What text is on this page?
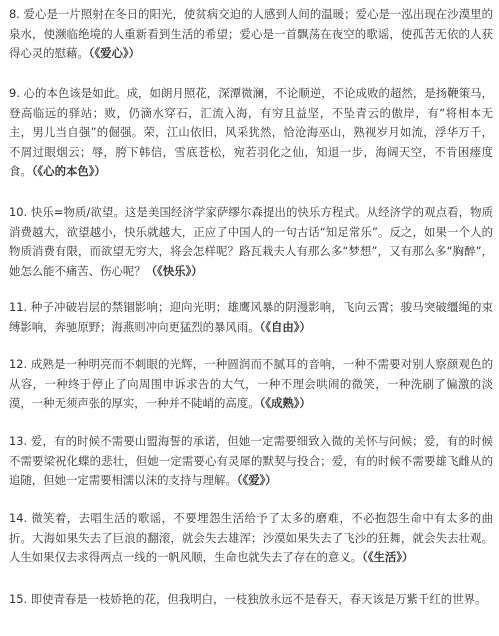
8. 爱心是一片照射在冬日的阳光，使贫病交迫的人感到人间的温暖；爱心是一泓出现在沙漠里的泉水，使濒临绝境的人重新看到生活的希望；爱心是一首飘荡在夜空的歌谣，使孤苦无依的人获得心灵的慰藉。（《爱心》）

9. 心的本色该是如此。成，如朗月照花，深潭微澜，不论顺逆，不论成败的超然，是扬鞭策马，登高临远的驿站；败，仍滴水穿石，汇流入海，有穷且益坚，不坠青云的傲岸，有“将相本无主，男儿当自强”的倔强。荣，江山依旧，风采犹然，恰沧海巫山，熟视岁月如流，浮华万千，不屑过眼烟云；辱，胯下韩信，雪底苍松，宛若羽化之仙，知退一步，海阔天空，不肯困瘗度食。（《心的本色》）

10. 快乐=物质/欲望。这是美国经济学家萨缪尔森提出的快乐方程式。从经济学的观点看，物质消费越大，欲望越小，快乐就越大，正应了中国人的一句古话“知足常乐”。反之，如果一个人的物质消费有限，而欲望无穷大，将会怎样呢？路瓦栽夫人有那么多“梦想”，又有那么多“胸醉”，她怎么能不痛苦、伤心呢？（《快乐》）

11. 种子冲破岩层的禁锢影响；迎向光明；雄鹰风暴的阴漫影响，飞向云霄；骏马突破缰绳的束缚影响，奔驰原野；海燕则冲向更猛烈的暴风雨。（《自由》）

12. 成熟是一种明亮而不刺眼的光辉，一种圆润而不腻耳的音响，一种不需要对别人察颜观色的从容，一种终于停止了向周围申诉求告的大气，一种不理会哄闹的微笑，一种洗刷了偏激的淡漠，一种无须声张的厚实，一种并不陡峭的高度。（《成熟》）

13. 爱，有的时候不需要山盟海誓的承诺，但她一定需要细致入微的关怀与问候；爱，有的时候不需要梁祝化蝶的悲壮，但她一定需要心有灵犀的默契与投合；爱，有的时候不需要雄飞雌从的追随，但她一定需要相濡以沫的支持与理解。（《爱》）

14. 微笑着，去唱生活的歌谣，不要埋怨生活给予了太多的磨难，不必抱怨生命中有太多的曲折。大海如果失去了巨浪的翻滚，就会失去雄浑；沙漠如果失去了飞沙的狂舞，就会失去壮观。人生如果仅去求得两点一线的一帆风顺，生命也就失去了存在的意义。（《生活》）

15. 即使青春是一枝娇艳的花，但我明白，一枝独放永远不是春天，春天该是万紫千红的世界。
